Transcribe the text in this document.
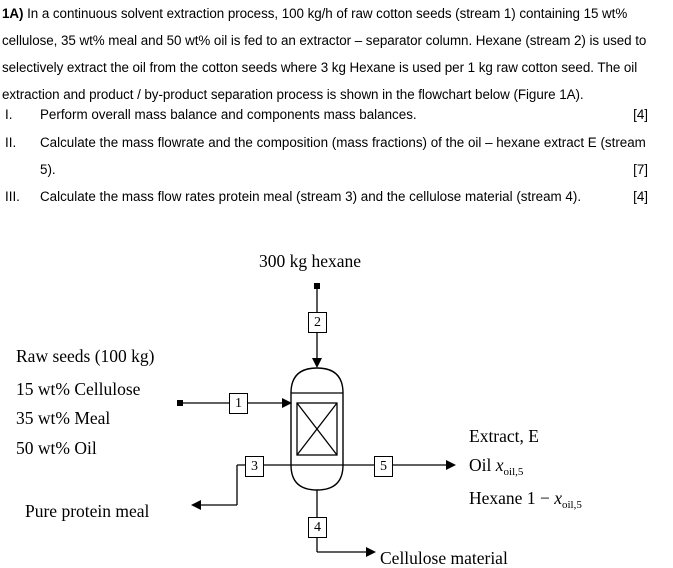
1A) In a continuous solvent extraction process, 100 kg/h of raw cotton seeds (stream 1) containing 15 wt%
cellulose, 35 wt% meal and 50 wt% oil is fed to an extractor – separator column. Hexane (stream 2) is used to
selectively extract the oil from the cotton seeds where 3 kg Hexane is used per 1 kg raw cotton seed. The oil
extraction and product / by-product separation process is shown in the flowchart below (Figure 1A).
I. Perform overall mass balance and components mass balances.	[4]
II. Calculate the mass flowrate and the composition (mass fractions) of the oil – hexane extract E (stream
5).	[7]
III. Calculate the mass flow rates protein meal (stream 3) and the cellulose material (stream 4).	[4]
2
1
3	5
4
300 kg hexane
Raw seeds (100 kg)
15 wt% Cellulose
35 wt% Meal
50 wt% Oil
Pure protein meal
Extract, E
Oil $x_{oil,5}$
Hexane $1 - x_{oil,5}$
Cellulose material
